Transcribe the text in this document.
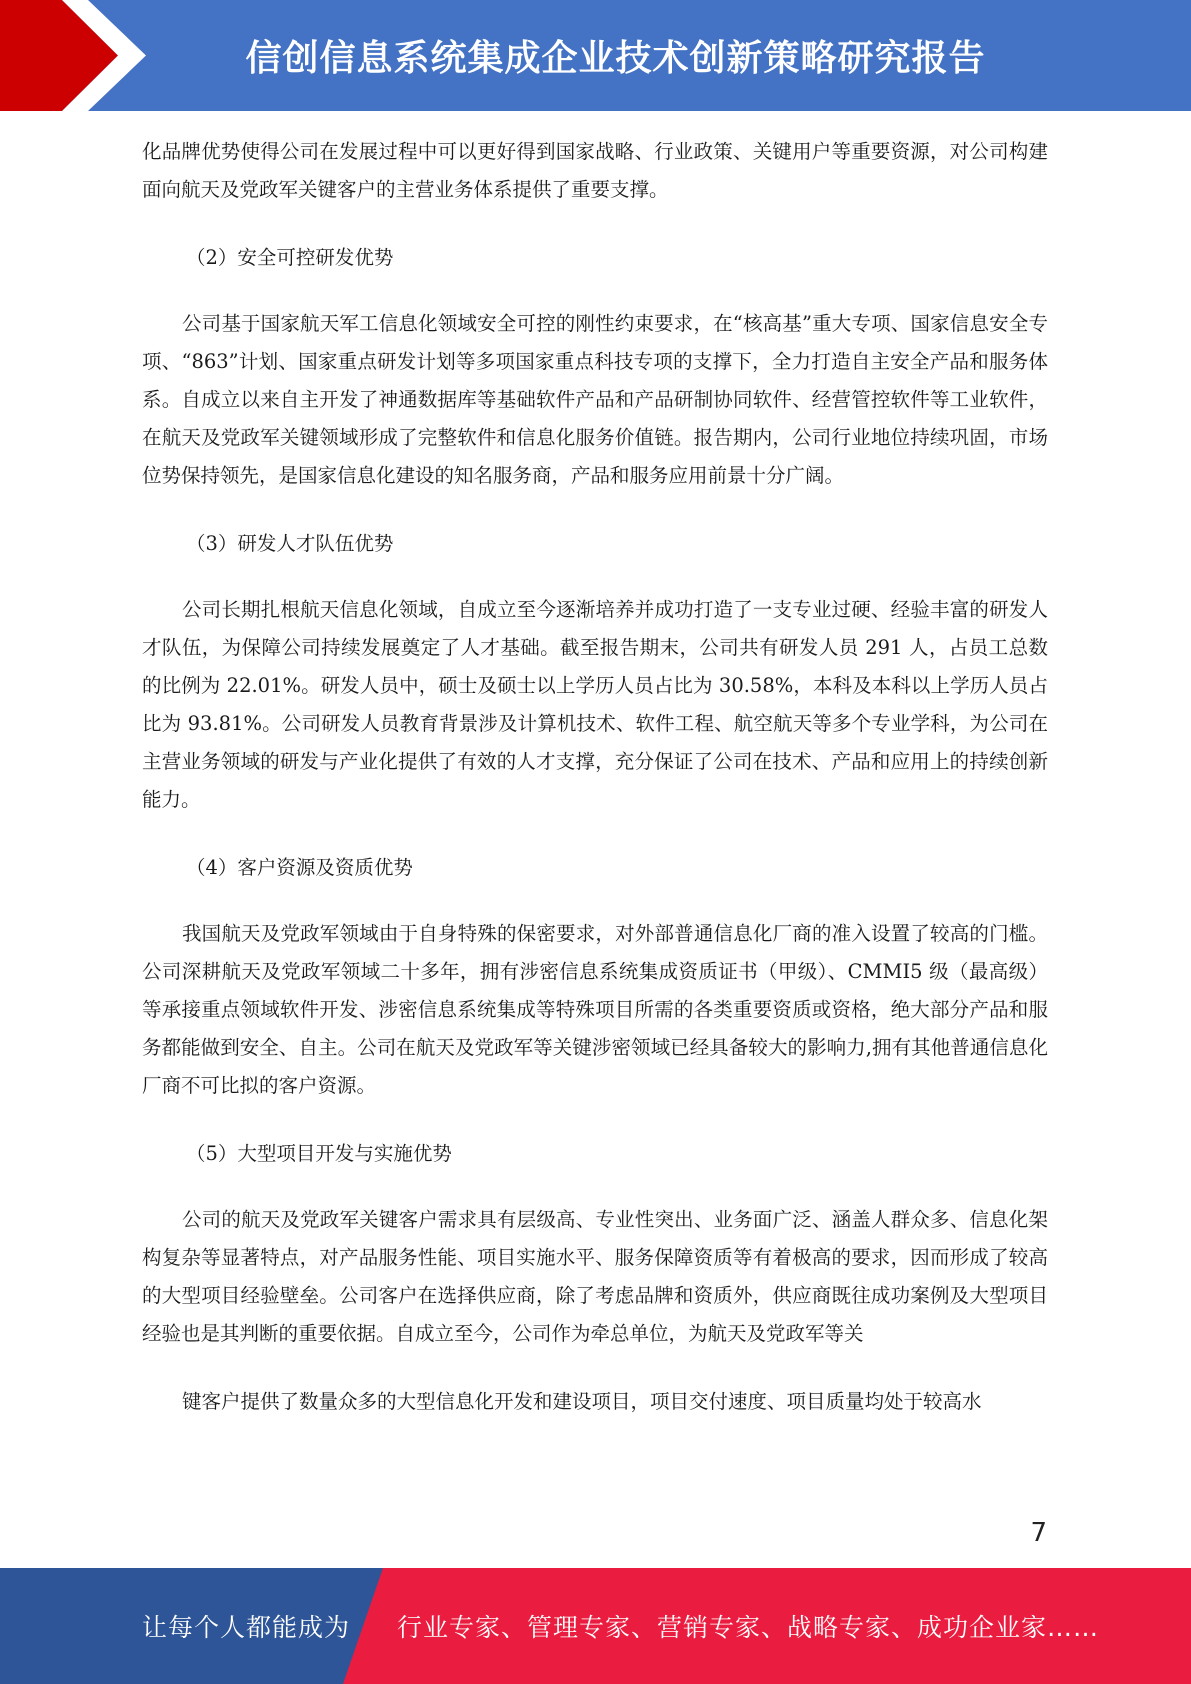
信创信息系统集成企业技术创新策略研究报告

化品牌优势使得公司在发展过程中可以更好得到国家战略、行业政策、关键用户等重要资源，对公司构建面向航天及党政军关键客户的主营业务体系提供了重要支撑。

（2）安全可控研发优势

公司基于国家航天军工信息化领域安全可控的刚性约束要求，在“核高基”重大专项、国家信息安全专项、“863”计划、国家重点研发计划等多项国家重点科技专项的支撑下，全力打造自主安全产品和服务体系。自成立以来自主开发了神通数据库等基础软件产品和产品研制协同软件、经营管控软件等工业软件，在航天及党政军关键领域形成了完整软件和信息化服务价值链。报告期内，公司行业地位持续巩固，市场位势保持领先，是国家信息化建设的知名服务商，产品和服务应用前景十分广阔。

（3）研发人才队伍优势

公司长期扎根航天信息化领域，自成立至今逐渐培养并成功打造了一支专业过硬、经验丰富的研发人才队伍，为保障公司持续发展奠定了人才基础。截至报告期末，公司共有研发人员 291 人，占员工总数的比例为 22.01%。研发人员中，硕士及硕士以上学历人员占比为 30.58%，本科及本科以上学历人员占比为 93.81%。公司研发人员教育背景涉及计算机技术、软件工程、航空航天等多个专业学科，为公司在主营业务领域的研发与产业化提供了有效的人才支撑，充分保证了公司在技术、产品和应用上的持续创新能力。

（4）客户资源及资质优势

我国航天及党政军领域由于自身特殊的保密要求，对外部普通信息化厂商的准入设置了较高的门槛。公司深耕航天及党政军领域二十多年，拥有涉密信息系统集成资质证书（甲级）、CMMI5 级（最高级）等承接重点领域软件开发、涉密信息系统集成等特殊项目所需的各类重要资质或资格，绝大部分产品和服务都能做到安全、自主。公司在航天及党政军等关键涉密领域已经具备较大的影响力,拥有其他普通信息化厂商不可比拟的客户资源。

（5）大型项目开发与实施优势

公司的航天及党政军关键客户需求具有层级高、专业性突出、业务面广泛、涵盖人群众多、信息化架构复杂等显著特点，对产品服务性能、项目实施水平、服务保障资质等有着极高的要求，因而形成了较高的大型项目经验壁垒。公司客户在选择供应商，除了考虑品牌和资质外，供应商既往成功案例及大型项目经验也是其判断的重要依据。自成立至今，公司作为牵总单位，为航天及党政军等关

键客户提供了数量众多的大型信息化开发和建设项目，项目交付速度、项目质量均处于较高水

7
让每个人都能成为 行业专家、管理专家、营销专家、战略专家、成功企业家……
